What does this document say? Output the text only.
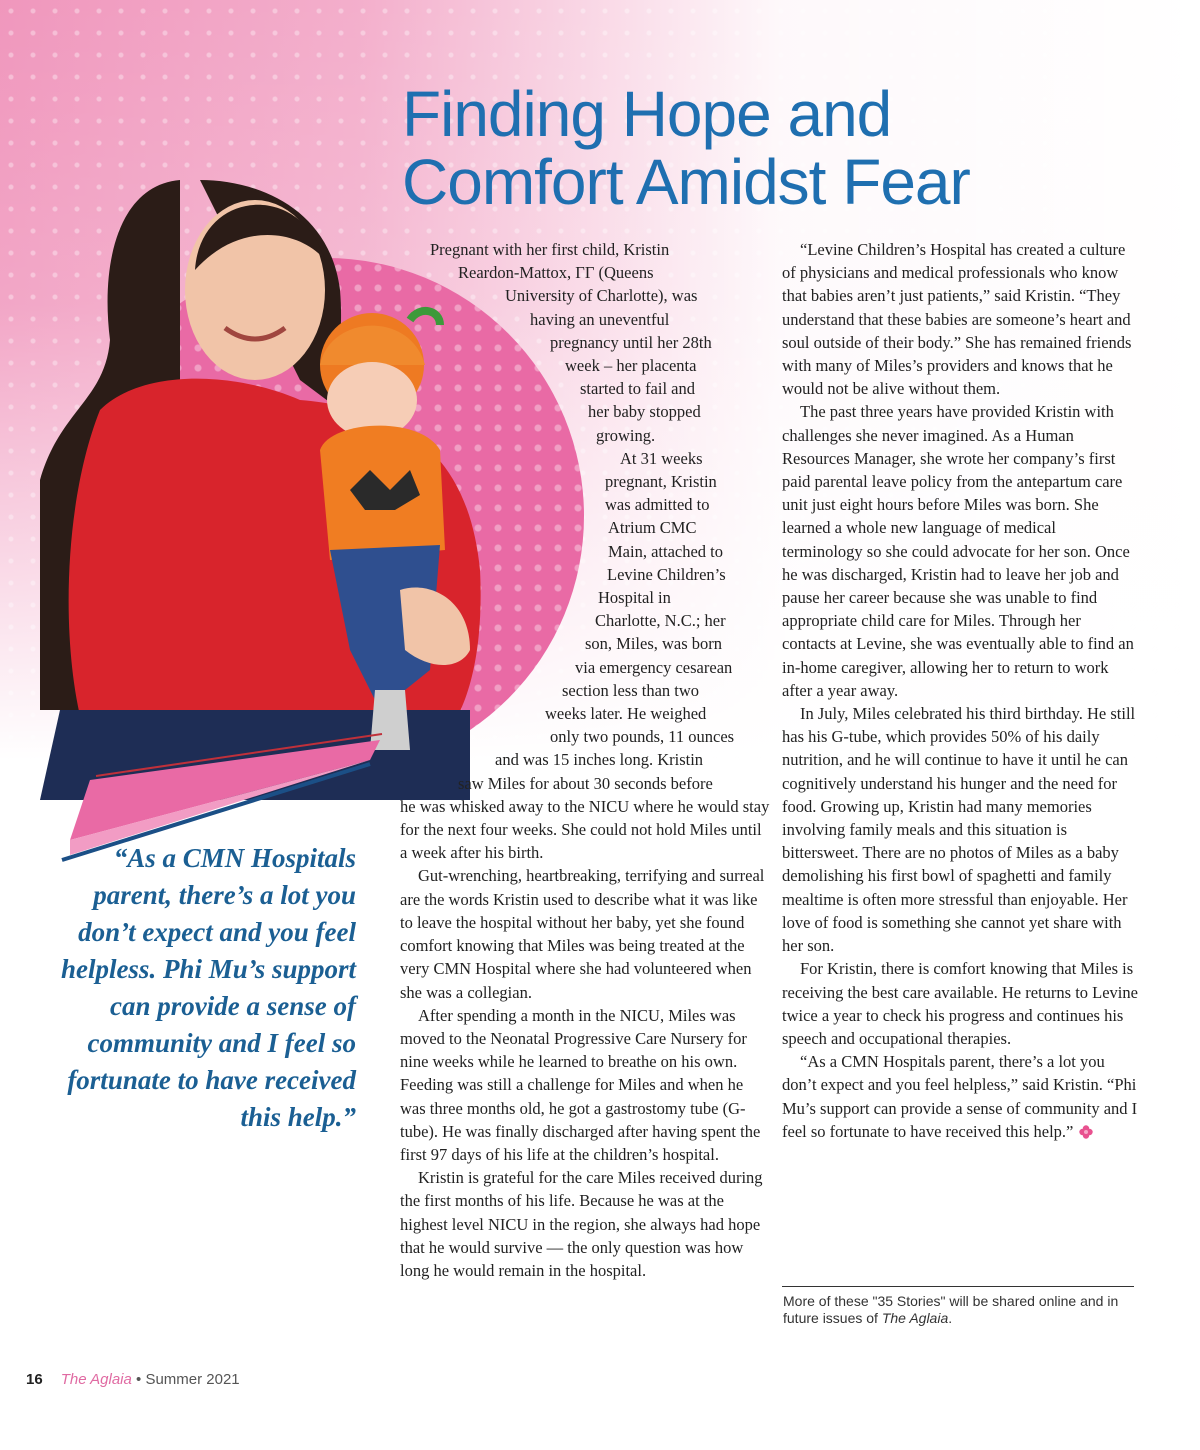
Finding Hope and
Comfort Amidst Fear
“As a CMN Hospitals parent, there’s a lot you don’t expect and you feel helpless. Phi Mu’s support can provide a sense of community and I feel so fortunate to have received this help.”
Pregnant with her first child, Kristin
Reardon-Mattox, ΓΓ (Queens
University of Charlotte), was
having an uneventful
pregnancy until her 28th
week – her placenta
started to fail and
her baby stopped
growing.
At 31 weeks
pregnant, Kristin
was admitted to
Atrium CMC
Main, attached to
Levine Children’s
Hospital in
Charlotte, N.C.; her
son, Miles, was born
via emergency cesarean
section less than two
weeks later. He weighed
only two pounds, 11 ounces
and was 15 inches long. Kristin
saw Miles for about 30 seconds before

he was whisked away to the NICU where he would stay for the next four weeks. She could not hold Miles until a week after his birth.

Gut-wrenching, heartbreaking, terrifying and surreal are the words Kristin used to describe what it was like to leave the hospital without her baby, yet she found comfort knowing that Miles was being treated at the very CMN Hospital where she had volunteered when she was a collegian.

After spending a month in the NICU, Miles was moved to the Neonatal Progressive Care Nursery for nine weeks while he learned to breathe on his own. Feeding was still a challenge for Miles and when he was three months old, he got a gastrostomy tube (G-tube). He was finally discharged after having spent the first 97 days of his life at the children’s hospital.

Kristin is grateful for the care Miles received during the first months of his life. Because he was at the highest level NICU in the region, she always had hope that he would survive — the only question was how long he would remain in the hospital.

“Levine Children’s Hospital has created a culture of physicians and medical professionals who know that babies aren’t just patients,” said Kristin. “They understand that these babies are someone’s heart and soul outside of their body.” She has remained friends with many of Miles’s providers and knows that he would not be alive without them.

The past three years have provided Kristin with challenges she never imagined. As a Human Resources Manager, she wrote her company’s first paid parental leave policy from the antepartum care unit just eight hours before Miles was born. She learned a whole new language of medical terminology so she could advocate for her son. Once he was discharged, Kristin had to leave her job and pause her career because she was unable to find appropriate child care for Miles. Through her contacts at Levine, she was eventually able to find an in-home caregiver, allowing her to return to work after a year away.

In July, Miles celebrated his third birthday. He still has his G-tube, which provides 50% of his daily nutrition, and he will continue to have it until he can cognitively understand his hunger and the need for food. Growing up, Kristin had many memories involving family meals and this situation is bittersweet. There are no photos of Miles as a baby demolishing his first bowl of spaghetti and family mealtime is often more stressful than enjoyable. Her love of food is something she cannot yet share with her son.

For Kristin, there is comfort knowing that Miles is receiving the best care available. He returns to Levine twice a year to check his progress and continues his speech and occupational therapies.

“As a CMN Hospitals parent, there’s a lot you don’t expect and you feel helpless,” said Kristin. “Phi Mu’s support can provide a sense of community and I feel so fortunate to have received this help.”

More of these "35 Stories" will be shared online and in future issues of The Aglaia.
16 The Aglaia • Summer 2021
